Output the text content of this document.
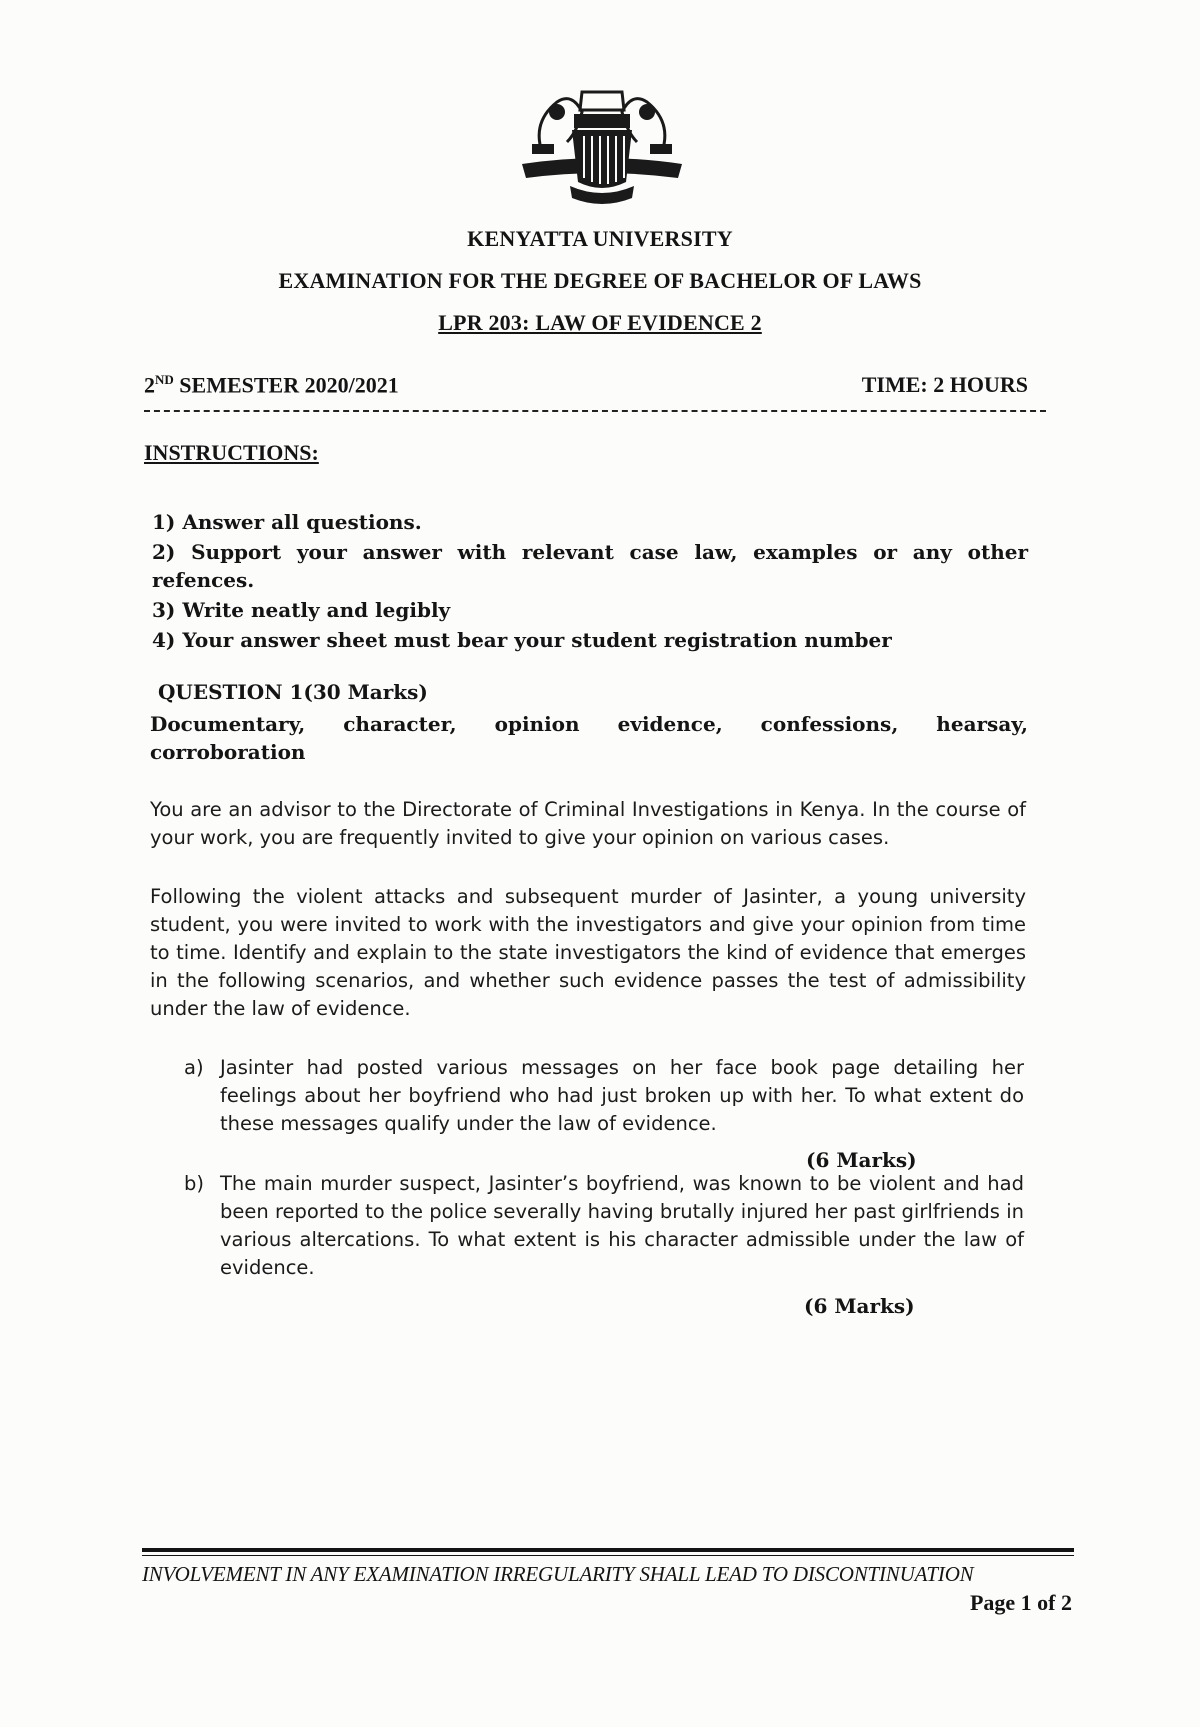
KENYATTA UNIVERSITY
EXAMINATION FOR THE DEGREE OF BACHELOR OF LAWS
LPR 203: LAW OF EVIDENCE 2
2ND SEMESTER 2020/2021	TIME: 2 HOURS
INSTRUCTIONS:
1) Answer all questions.
2) Support your answer with relevant case law, examples or any other refences.
3) Write neatly and legibly
4) Your answer sheet must bear your student registration number
QUESTION 1(30 Marks)
Documentary, character, opinion evidence, confessions, hearsay,
corroboration
You are an advisor to the Directorate of Criminal Investigations in Kenya. In the course of your work, you are frequently invited to give your opinion on various cases.
Following the violent attacks and subsequent murder of Jasinter, a young university student, you were invited to work with the investigators and give your opinion from time to time. Identify and explain to the state investigators the kind of evidence that emerges in the following scenarios, and whether such evidence passes the test of admissibility under the law of evidence.
a) Jasinter had posted various messages on her face book page detailing her feelings about her boyfriend who had just broken up with her. To what extent do these messages qualify under the law of evidence.
(6 Marks)
b) The main murder suspect, Jasinter’s boyfriend, was known to be violent and had been reported to the police severally having brutally injured her past girlfriends in various altercations. To what extent is his character admissible under the law of evidence.
(6 Marks)
INVOLVEMENT IN ANY EXAMINATION IRREGULARITY SHALL LEAD TO DISCONTINUATION
Page 1 of 2
